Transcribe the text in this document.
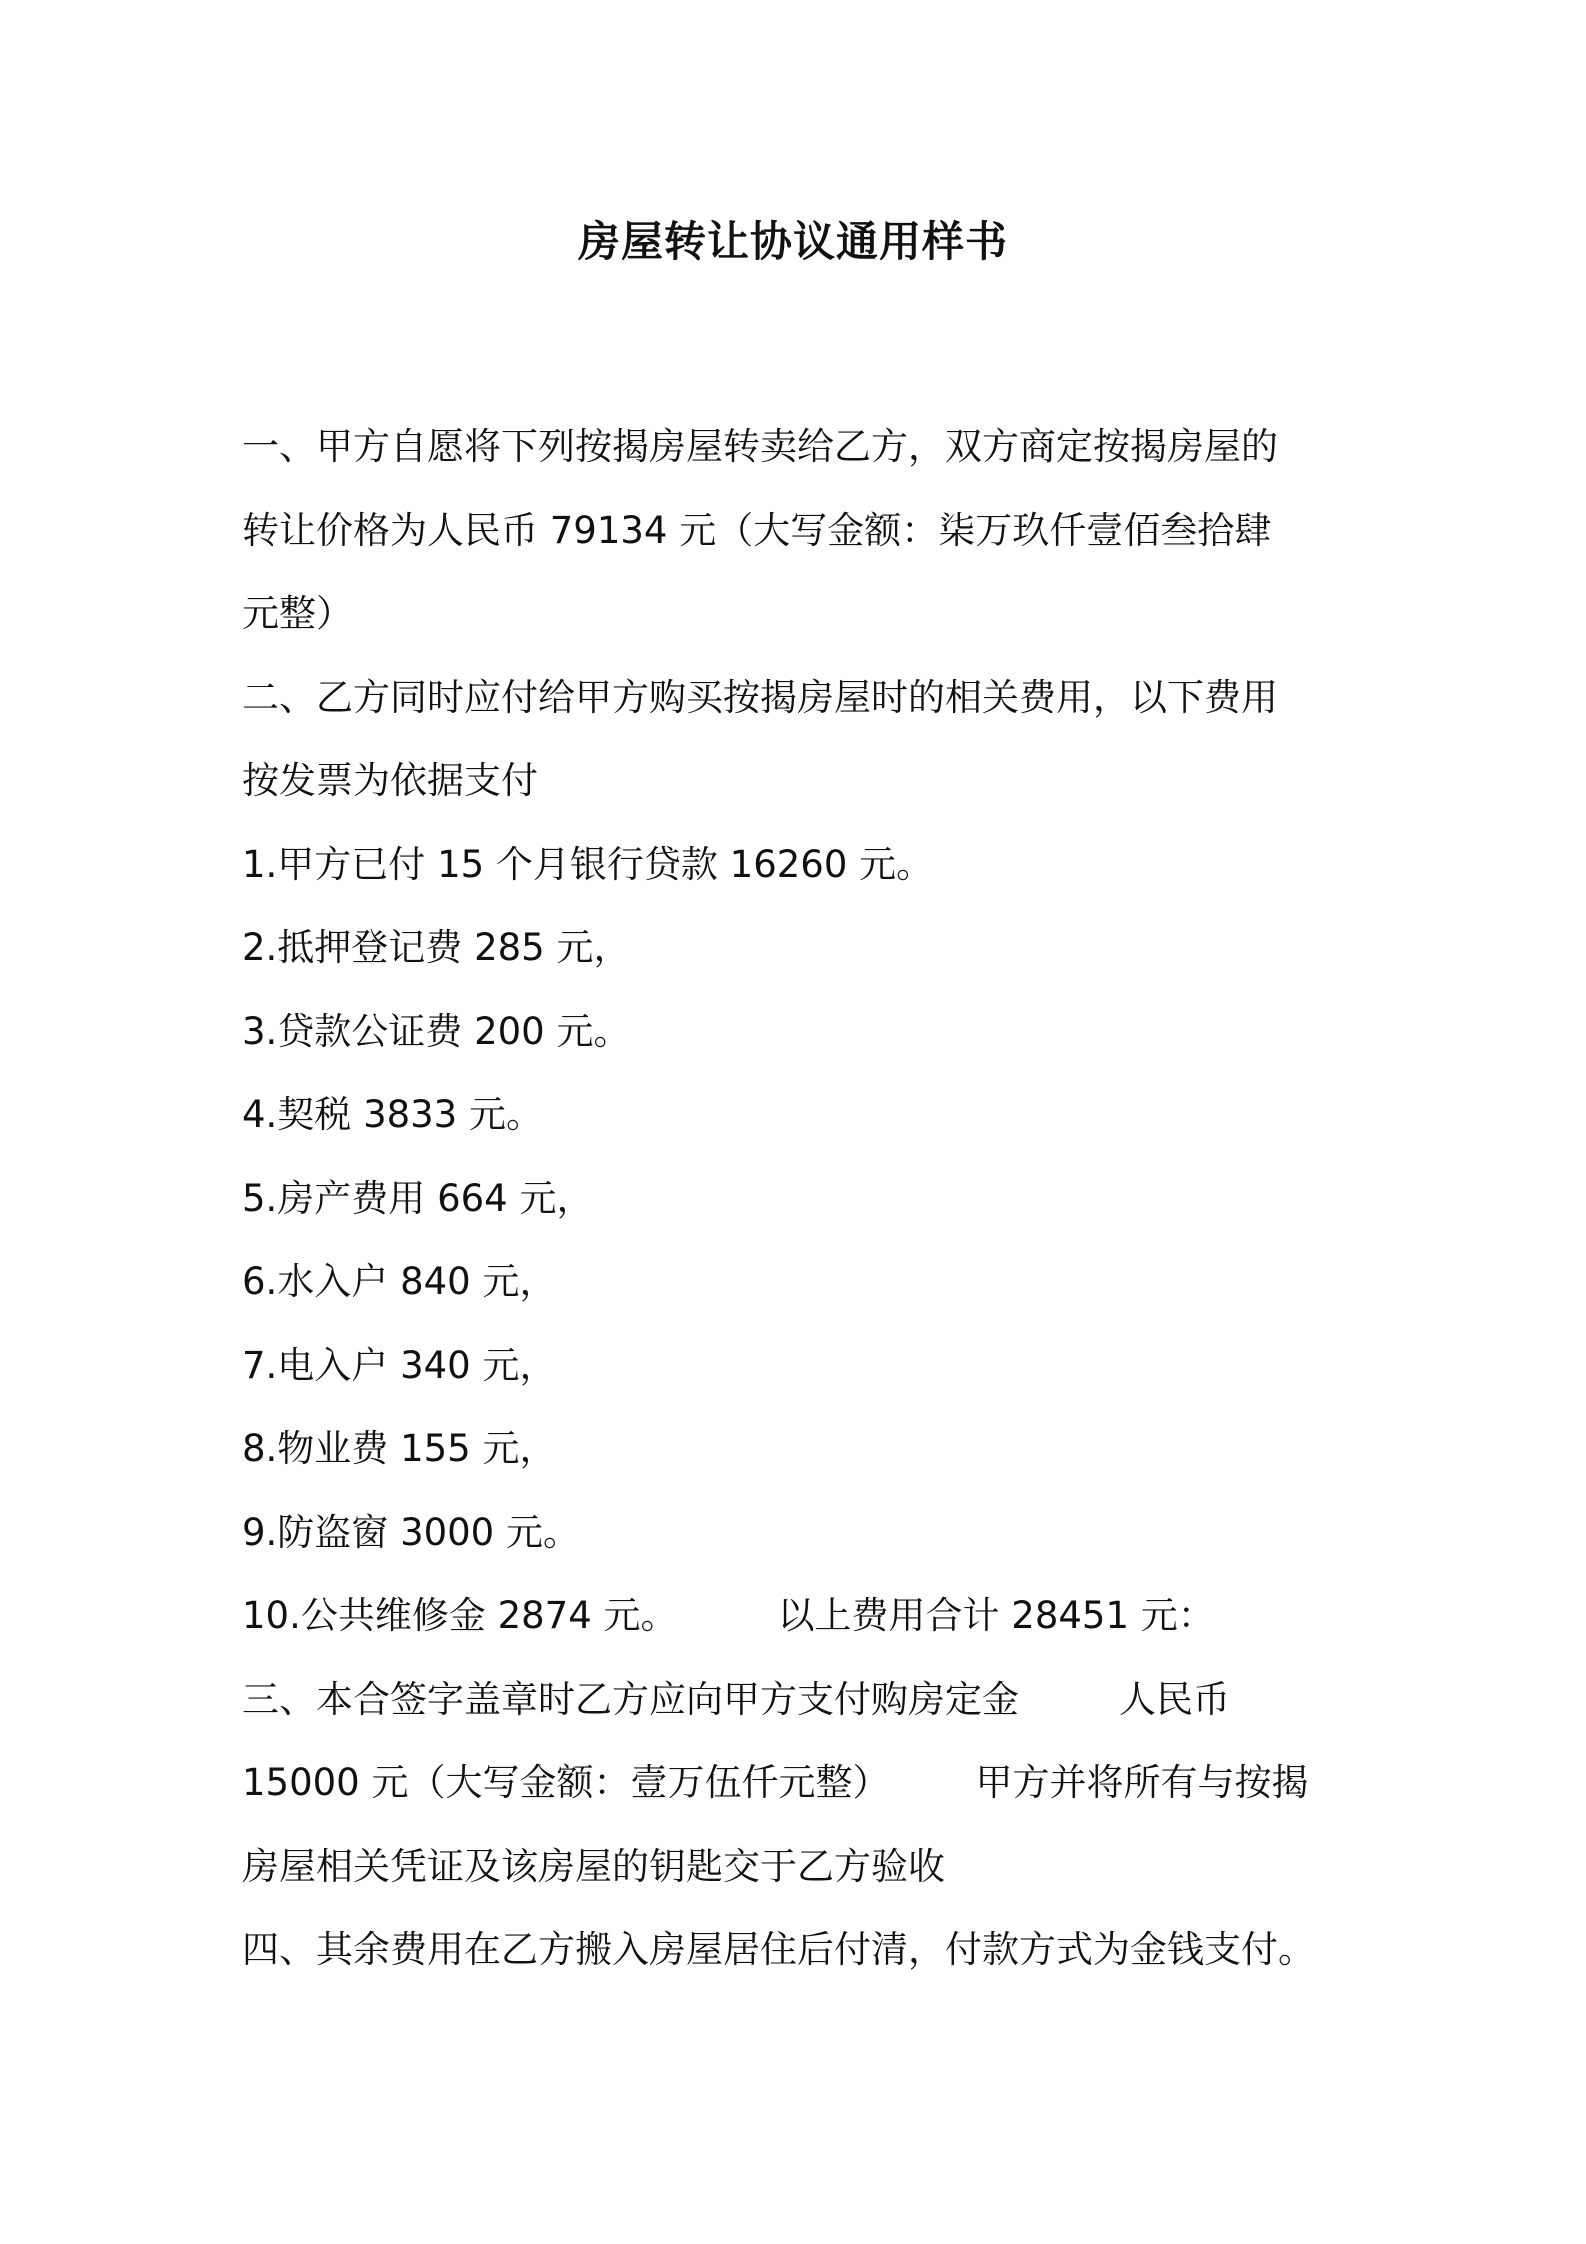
房屋转让协议通用样书
一、甲方自愿将下列按揭房屋转卖给乙方，双方商定按揭房屋的
转让价格为人民币 79134 元（大写金额：柒万玖仟壹佰叁拾肆
元整）
二、乙方同时应付给甲方购买按揭房屋时的相关费用，以下费用
按发票为依据支付
1.甲方已付 15 个月银行贷款 16260 元。
2.抵押登记费 285 元，
3.贷款公证费 200 元。
4.契税 3833 元。
5.房产费用 664 元，
6.水入户 840 元，
7.电入户 340 元，
8.物业费 155 元，
9.防盗窗 3000 元。
10.公共维修金 2874 元。	以上费用合计 28451 元：
三、本合签字盖章时乙方应向甲方支付购房定金	人民币
15000 元（大写金额：壹万伍仟元整） 甲方并将所有与按揭
房屋相关凭证及该房屋的钥匙交于乙方验收
四、其余费用在乙方搬入房屋居住后付清，付款方式为金钱支付。
